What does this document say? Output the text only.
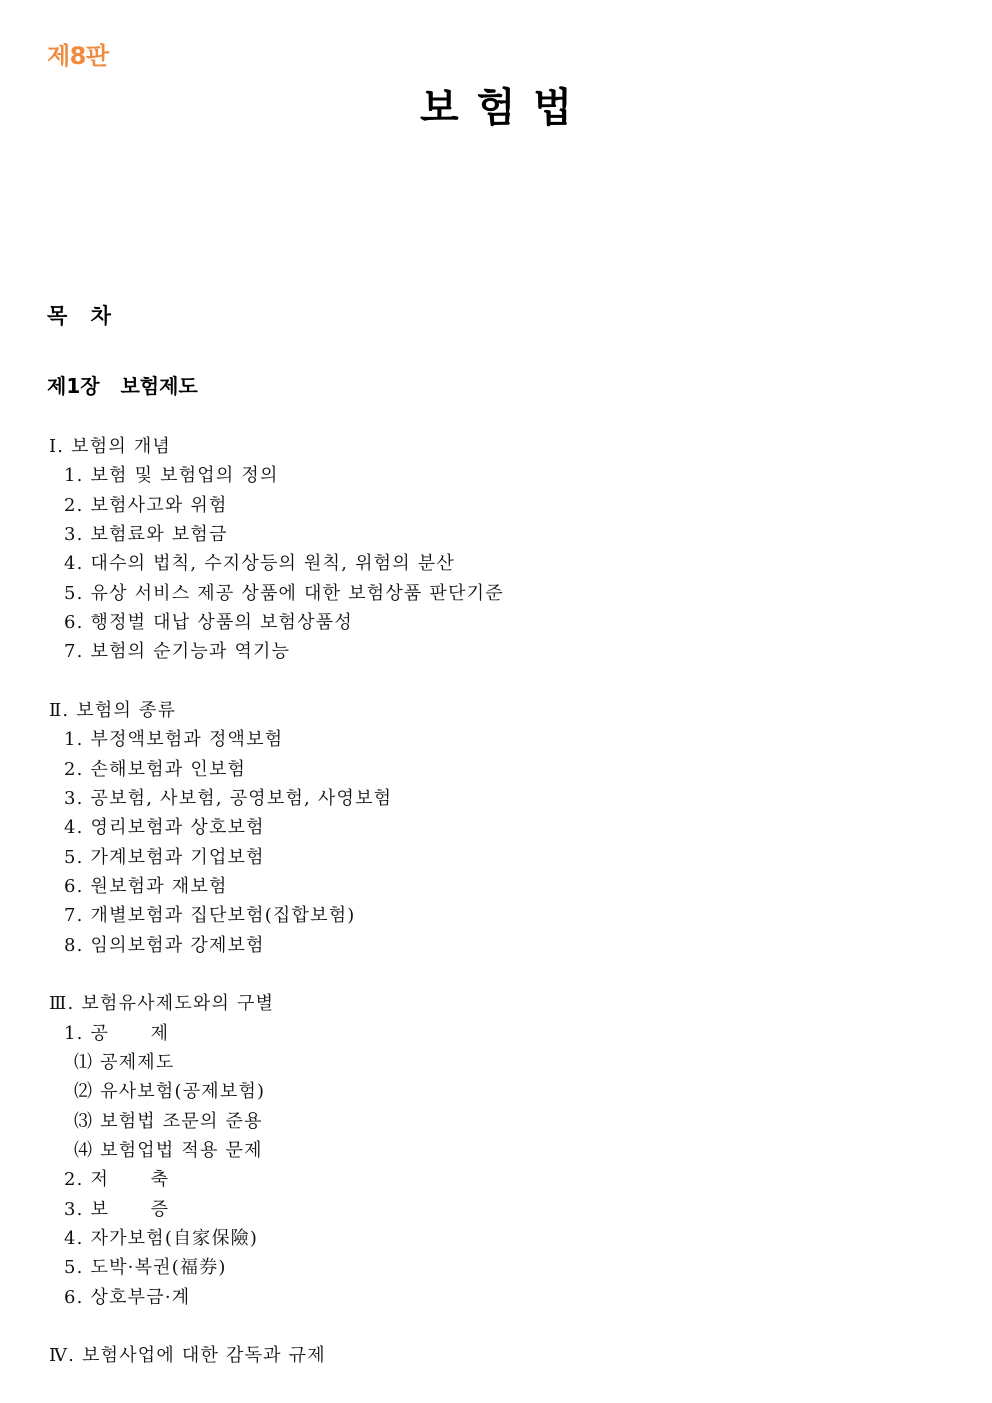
제8판
보험법
목 차
제1장   보험제도
Ⅰ. 보험의 개념
1. 보험 및 보험업의 정의
2. 보험사고와 위험
3. 보험료와 보험금
4. 대수의 법칙, 수지상등의 원칙, 위험의 분산
5. 유상 서비스 제공 상품에 대한 보험상품 판단기준
6. 행정벌 대납 상품의 보험상품성
7. 보험의 순기능과 역기능
Ⅱ. 보험의 종류
1. 부정액보험과 정액보험
2. 손해보험과 인보험
3. 공보험, 사보험, 공영보험, 사영보험
4. 영리보험과 상호보험
5. 가계보험과 기업보험
6. 원보험과 재보험
7. 개별보험과 집단보험(집합보험)
8. 임의보험과 강제보험
Ⅲ. 보험유사제도와의 구별
1. 공      제
⑴ 공제제도
⑵ 유사보험(공제보험)
⑶ 보험법 조문의 준용
⑷ 보험업법 적용 문제
2. 저      축
3. 보      증
4. 자가보험(自家保險)
5. 도박·복권(福券)
6. 상호부금·계
Ⅳ. 보험사업에 대한 감독과 규제
